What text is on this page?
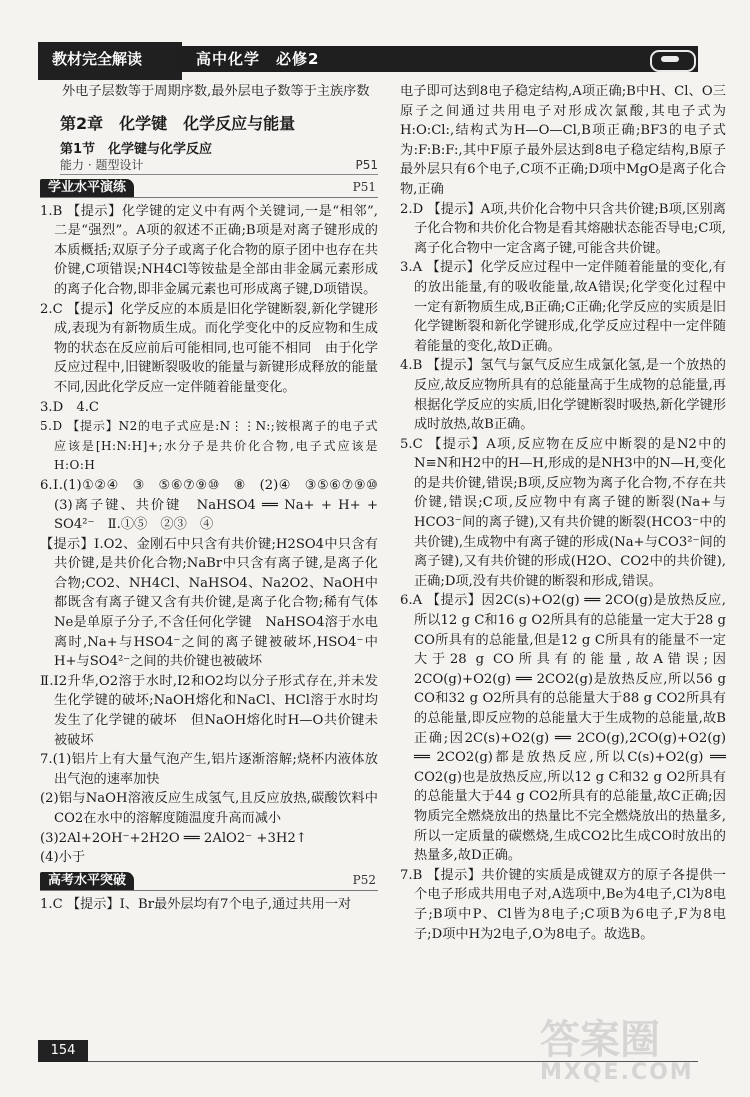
教材完全解读	高中化学　必修2

外电子层数等于周期序数,最外层电子数等于主族序数

第2章　化学键　化学反应与能量
第1节　化学键与化学反应
能力 · 题型设计	P51
学业水平演练	P51

1.B 【提示】化学键的定义中有两个关键词,一是“相邻”,二是“强烈”。A项的叙述不正确;B项是对离子键形成的本质概括;双原子分子或离子化合物的原子团中也存在共价键,C项错误;NH4Cl等铵盐是全部由非金属元素形成的离子化合物,即非金属元素也可形成离子键,D项错误。

2.C 【提示】化学反应的本质是旧化学键断裂,新化学键形成,表现为有新物质生成。而化学变化中的反应物和生成物的状态在反应前后可能相同,也可能不相同　由于化学反应过程中,旧键断裂吸收的能量与新键形成释放的能量不同,因此化学反应一定伴随着能量变化。

3.D　4.C

5.D 【提示】N2的电子式应是:N⋮⋮N:;铵根离子的电子式应该是[H:N:H]+;水分子是共价化合物,电子式应该是H:O:H

6.Ⅰ.(1)①②④　③　⑤⑥⑦⑨⑩　⑧　(2)④　③⑤⑥⑦⑨⑩　(3)离子键、共价键　NaHSO4 ══ Na+ + H+ + SO4²⁻　Ⅱ.①⑤　②③　④

【提示】Ⅰ.O2、金刚石中只含有共价键;H2SO4中只含有共价键,是共价化合物;NaBr中只含有离子键,是离子化合物;CO2、NH4Cl、NaHSO4、Na2O2、NaOH中都既含有离子键又含有共价键,是离子化合物;稀有气体Ne是单原子分子,不含任何化学键　NaHSO4溶于水电离时,Na+与HSO4⁻之间的离子键被破坏,HSO4⁻中H+与SO4²⁻之间的共价键也被破坏

Ⅱ.I2升华,O2溶于水时,I2和O2均以分子形式存在,并未发生化学键的破坏;NaOH熔化和NaCl、HCl溶于水时均发生了化学键的破坏　但NaOH熔化时H—O共价键未被破坏

7.(1)铝片上有大量气泡产生,铝片逐渐溶解;烧杯内液体放出气泡的速率加快

(2)铝与NaOH溶液反应生成氢气,且反应放热,碳酸饮料中CO2在水中的溶解度随温度升高而减小

(3)2Al+2OH⁻+2H2O ══ 2AlO2⁻ +3H2↑

(4)小于

高考水平突破	P52

1.C 【提示】I、Br最外层均有7个电子,通过共用一对

电子即可达到8电子稳定结构,A项正确;B中H、Cl、O三原子之间通过共用电子对形成次氯酸,其电子式为H:O:Cl:,结构式为H—O—Cl,B项正确;BF3的电子式为:F:B:F:,其中F原子最外层达到8电子稳定结构,B原子最外层只有6个电子,C项不正确;D项中MgO是离子化合物,正确

2.D 【提示】A项,共价化合物中只含共价键;B项,区别离子化合物和共价化合物是看其熔融状态能否导电;C项,离子化合物中一定含离子键,可能含共价键。

3.A 【提示】化学反应过程中一定伴随着能量的变化,有的放出能量,有的吸收能量,故A错误;化学变化过程中一定有新物质生成,B正确;C正确;化学反应的实质是旧化学键断裂和新化学键形成,化学反应过程中一定伴随着能量的变化,故D正确。

4.B 【提示】氢气与氯气反应生成氯化氢,是一个放热的反应,故反应物所具有的总能量高于生成物的总能量,再根据化学反应的实质,旧化学键断裂时吸热,新化学键形成时放热,故B正确。

5.C 【提示】A项,反应物在反应中断裂的是N2中的N≡N和H2中的H—H,形成的是NH3中的N—H,变化的是共价键,错误;B项,反应物为离子化合物,不存在共价键,错误;C项,反应物中有离子键的断裂(Na+与HCO3⁻间的离子键),又有共价键的断裂(HCO3⁻中的共价键),生成物中有离子键的形成(Na+与CO3²⁻间的离子键),又有共价键的形成(H2O、CO2中的共价键),正确;D项,没有共价键的断裂和形成,错误。

6.A 【提示】因2C(s)+O2(g) ══ 2CO(g)是放热反应,所以12 g C和16 g O2所具有的总能量一定大于28 g CO所具有的总能量,但是12 g C所具有的能量不一定大于28 g CO所具有的能量,故A错误;因2CO(g)+O2(g) ══ 2CO2(g)是放热反应,所以56 g CO和32 g O2所具有的总能量大于88 g CO2所具有的总能量,即反应物的总能量大于生成物的总能量,故B正确;因2C(s)+O2(g) ══ 2CO(g),2CO(g)+O2(g) ══ 2CO2(g)都是放热反应,所以C(s)+O2(g) ══ CO2(g)也是放热反应,所以12 g C和32 g O2所具有的总能量大于44 g CO2所具有的总能量,故C正确;因物质完全燃烧放出的热量比不完全燃烧放出的热量多,所以一定质量的碳燃烧,生成CO2比生成CO时放出的热量多,故D正确。

7.B 【提示】共价键的实质是成键双方的原子各提供一个电子形成共用电子对,A选项中,Be为4电子,Cl为8电子;B项中P、Cl皆为8电子;C项B为6电子,F为8电子;D项中H为2电子,O为8电子。故选B。

154	答案圈
MXQE.COM
